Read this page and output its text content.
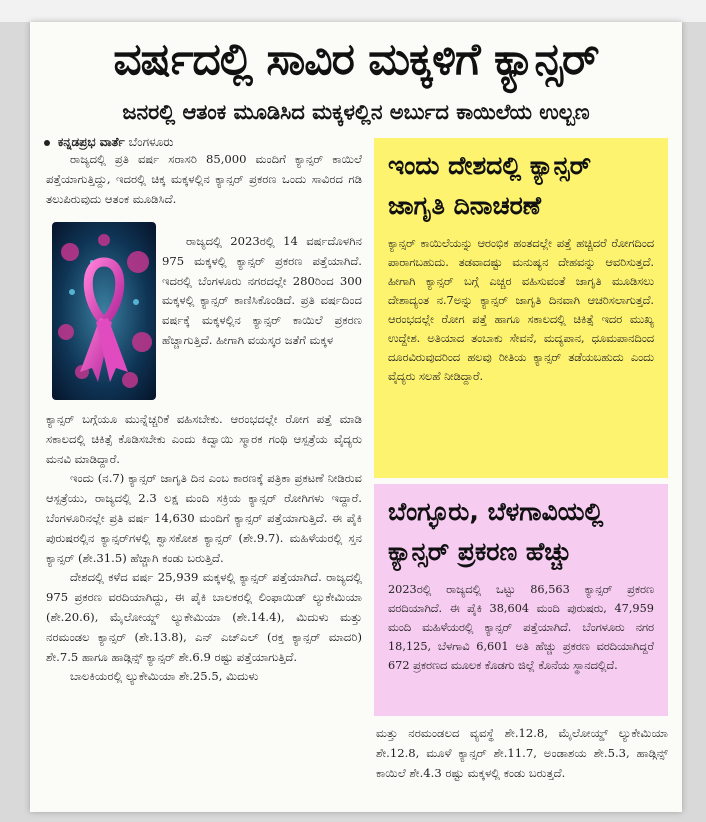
ವರ್ಷದಲ್ಲಿ ಸಾವಿರ ಮಕ್ಕಳಿಗೆ ಕ್ಯಾನ್ಸರ್
ಜನರಲ್ಲಿ ಆತಂಕ ಮೂಡಿಸಿದ ಮಕ್ಕಳಲ್ಲಿನ ಅರ್ಬುದ ಕಾಯಿಲೆಯ ಉಲ್ಬಣ
ಕನ್ನಡಪ್ರಭ ವಾರ್ತೆ ಬೆಂಗಳೂರು

ರಾಜ್ಯದಲ್ಲಿ ಪ್ರತಿ ವರ್ಷ ಸರಾಸರಿ 85,000 ಮಂದಿಗೆ ಕ್ಯಾನ್ಸರ್ ಕಾಯಿಲೆ ಪತ್ತೆಯಾಗುತ್ತಿದ್ದು, ಇದರಲ್ಲಿ ಚಿಕ್ಕ ಮಕ್ಕಳಲ್ಲಿನ ಕ್ಯಾನ್ಸರ್ ಪ್ರಕರಣ ಒಂದು ಸಾವಿರದ ಗಡಿ ತಲುಪಿರುವುದು ಆತಂಕ ಮೂಡಿಸಿದೆ.

ರಾಜ್ಯದಲ್ಲಿ 2023ರಲ್ಲಿ 14 ವರ್ಷದೊಳಗಿನ 975 ಮಕ್ಕಳಲ್ಲಿ ಕ್ಯಾನ್ಸರ್ ಪ್ರಕರಣ ಪತ್ತೆಯಾಗಿದೆ. ಇದರಲ್ಲಿ ಬೆಂಗಳೂರು ನಗರದಲ್ಲೇ 280ರಿಂದ 300 ಮಕ್ಕಳಲ್ಲಿ ಕ್ಯಾನ್ಸರ್ ಕಾಣಿಸಿಕೊಂಡಿದೆ. ಪ್ರತಿ ವರ್ಷದಿಂದ ವರ್ಷಕ್ಕೆ ಮಕ್ಕಳಲ್ಲಿನ ಕ್ಯಾನ್ಸರ್ ಕಾಯಿಲೆ ಪ್ರಕರಣ ಹೆಚ್ಚಾಗುತ್ತಿದೆ. ಹೀಗಾಗಿ ವಯಸ್ಕರ ಜತೆಗೆ ಮಕ್ಕಳ

ಕ್ಯಾನ್ಸರ್ ಬಗ್ಗೆಯೂ ಮುನ್ನೆಚ್ಚರಿಕೆ ವಹಿಸಬೇಕು. ಆರಂಭದಲ್ಲೇ ರೋಗ ಪತ್ತೆ ಮಾಡಿ ಸಕಾಲದಲ್ಲಿ ಚಿಕಿತ್ಸೆ ಕೊಡಿಸಬೇಕು ಎಂದು ಕಿದ್ವಾಯಿ ಸ್ಮಾರಕ ಗಂಥಿ ಆಸ್ಪತ್ರೆಯ ವೈದ್ಯರು ಮನವಿ ಮಾಡಿದ್ದಾರೆ.

ಇಂದು (ನ.7) ಕ್ಯಾನ್ಸರ್ ಜಾಗೃತಿ ದಿನ ಎಂಬ ಕಾರಣಕ್ಕೆ ಪತ್ರಿಕಾ ಪ್ರಕಟಣೆ ನೀಡಿರುವ ಆಸ್ಪತ್ರೆಯು, ರಾಜ್ಯದಲ್ಲಿ 2.3 ಲಕ್ಷ ಮಂದಿ ಸಕ್ರಿಯ ಕ್ಯಾನ್ಸರ್ ರೋಗಿಗಳು ಇದ್ದಾರೆ. ಬೆಂಗಳೂರಿನಲ್ಲೇ ಪ್ರತಿ ವರ್ಷ 14,630 ಮಂದಿಗೆ ಕ್ಯಾನ್ಸರ್ ಪತ್ತೆಯಾಗುತ್ತಿದೆ. ಈ ಪೈಕಿ ಪುರುಷರಲ್ಲಿನ ಕ್ಯಾನ್ಸರ್‌ಗಳಲ್ಲಿ ಶ್ವಾಸಕೋಶ ಕ್ಯಾನ್ಸರ್ (ಶೇ.9.7). ಮಹಿಳೆಯರಲ್ಲಿ ಸ್ತನ ಕ್ಯಾನ್ಸರ್ (ಶೇ.31.5) ಹೆಚ್ಚಾಗಿ ಕಂಡು ಬರುತ್ತಿದೆ.

ದೇಶದಲ್ಲಿ ಕಳೆದ ವರ್ಷ 25,939 ಮಕ್ಕಳಲ್ಲಿ ಕ್ಯಾನ್ಸರ್ ಪತ್ತೆಯಾಗಿದೆ. ರಾಜ್ಯದಲ್ಲಿ 975 ಪ್ರಕರಣ ವರದಿಯಾಗಿದ್ದು, ಈ ಪೈಕಿ ಬಾಲಕರಲ್ಲಿ ಲಿಂಫಾಯಿಡ್ ಲ್ಯುಕೇಮಿಯಾ (ಶೇ.20.6), ಮೈಲೋಯ್ಡ್ ಲ್ಯುಕೇಮಿಯಾ (ಶೇ.14.4), ಮಿದುಳು ಮತ್ತು ನರಮಂಡಲ ಕ್ಯಾನ್ಸರ್ (ಶೇ.13.8), ಎನ್ ಎಚ್‌ಎಲ್ (ರಕ್ತ ಕ್ಯಾನ್ಸರ್ ಮಾದರಿ) ಶೇ.7.5 ಹಾಗೂ ಹಾಡ್ಗಿನ್ಸ್ ಕ್ಯಾನ್ಸರ್ ಶೇ.6.9 ರಷ್ಟು ಪತ್ತೆಯಾಗುತ್ತಿದೆ.

ಬಾಲಕಿಯರಲ್ಲಿ ಲ್ಯುಕೇಮಿಯಾ ಶೇ.25.5, ಮಿದುಳು

ಇಂದು ದೇಶದಲ್ಲಿ ಕ್ಯಾನ್ಸರ್ ಜಾಗೃತಿ ದಿನಾಚರಣೆ
ಕ್ಯಾನ್ಸರ್ ಕಾಯಿಲೆಯನ್ನು ಆರಂಭಿಕ ಹಂತದಲ್ಲೇ ಪತ್ತೆ ಹಚ್ಚಿದರೆ ರೋಗದಿಂದ ಪಾರಾಗಬಹುದು. ತಡವಾದಷ್ಟು ಮನುಷ್ಯನ ದೇಹವನ್ನು ಆವರಿಸುತ್ತದೆ. ಹೀಗಾಗಿ ಕ್ಯಾನ್ಸರ್ ಬಗ್ಗೆ ಎಚ್ಚರ ವಹಿಸುವಂತೆ ಜಾಗೃತಿ ಮೂಡಿಸಲು ದೇಶಾದ್ಯಂತ ನ.7ಅನ್ನು ಕ್ಯಾನ್ಸರ್ ಜಾಗೃತಿ ದಿನವಾಗಿ ಆಚರಿಸಲಾಗುತ್ತದೆ. ಆರಂಭದಲ್ಲೇ ರೋಗ ಪತ್ತೆ ಹಾಗೂ ಸಕಾಲದಲ್ಲಿ ಚಿಕಿತ್ಸೆ ಇದರ ಮುಖ್ಯ ಉದ್ದೇಶ. ಅತಿಯಾದ ತಂಬಾಕು ಸೇವನೆ, ಮದ್ಯಪಾನ, ಧೂಮಪಾನದಿಂದ ದೂರವಿರುವುದರಿಂದ ಹಲವು ರೀತಿಯ ಕ್ಯಾನ್ಸರ್ ತಡೆಯಬಹುದು ಎಂದು ವೈದ್ಯರು ಸಲಹೆ ನೀಡಿದ್ದಾರೆ.
ಬೆಂಗ್ಳೂರು, ಬೆಳಗಾವಿಯಲ್ಲಿ ಕ್ಯಾನ್ಸರ್ ಪ್ರಕರಣ ಹೆಚ್ಚು
2023ರಲ್ಲಿ ರಾಜ್ಯದಲ್ಲಿ ಒಟ್ಟು 86,563 ಕ್ಯಾನ್ಸರ್ ಪ್ರಕರಣ ವರದಿಯಾಗಿದೆ. ಈ ಪೈಕಿ 38,604 ಮಂದಿ ಪುರುಷರು, 47,959 ಮಂದಿ ಮಹಿಳೆಯರಲ್ಲಿ ಕ್ಯಾನ್ಸರ್ ಪತ್ತೆಯಾಗಿದೆ. ಬೆಂಗಳೂರು ನಗರ 18,125, ಬೆಳಗಾವಿ 6,601 ಅತಿ ಹೆಚ್ಚು ಪ್ರಕರಣ ವರದಿಯಾಗಿದ್ದರೆ 672 ಪ್ರಕರಣದ ಮೂಲಕ ಕೊಡಗು ಜಿಲ್ಲೆ ಕೊನೆಯ ಸ್ಥಾನದಲ್ಲಿದೆ.

ಮತ್ತು ನರಮಂಡಲದ ವ್ಯವಸ್ಥೆ ಶೇ.12.8, ಮೈಲೋಯ್ಡ್ ಲ್ಯುಕೇಮಿಯಾ ಶೇ.12.8, ಮೂಳೆ ಕ್ಯಾನ್ಸರ್ ಶೇ.11.7, ಅಂಡಾಶಯ ಶೇ.5.3, ಹಾಡ್ಗಿನ್ಸ್ ಕಾಯಿಲೆ ಶೇ.4.3 ರಷ್ಟು ಮಕ್ಕಳಲ್ಲಿ ಕಂಡು ಬರುತ್ತದೆ.
